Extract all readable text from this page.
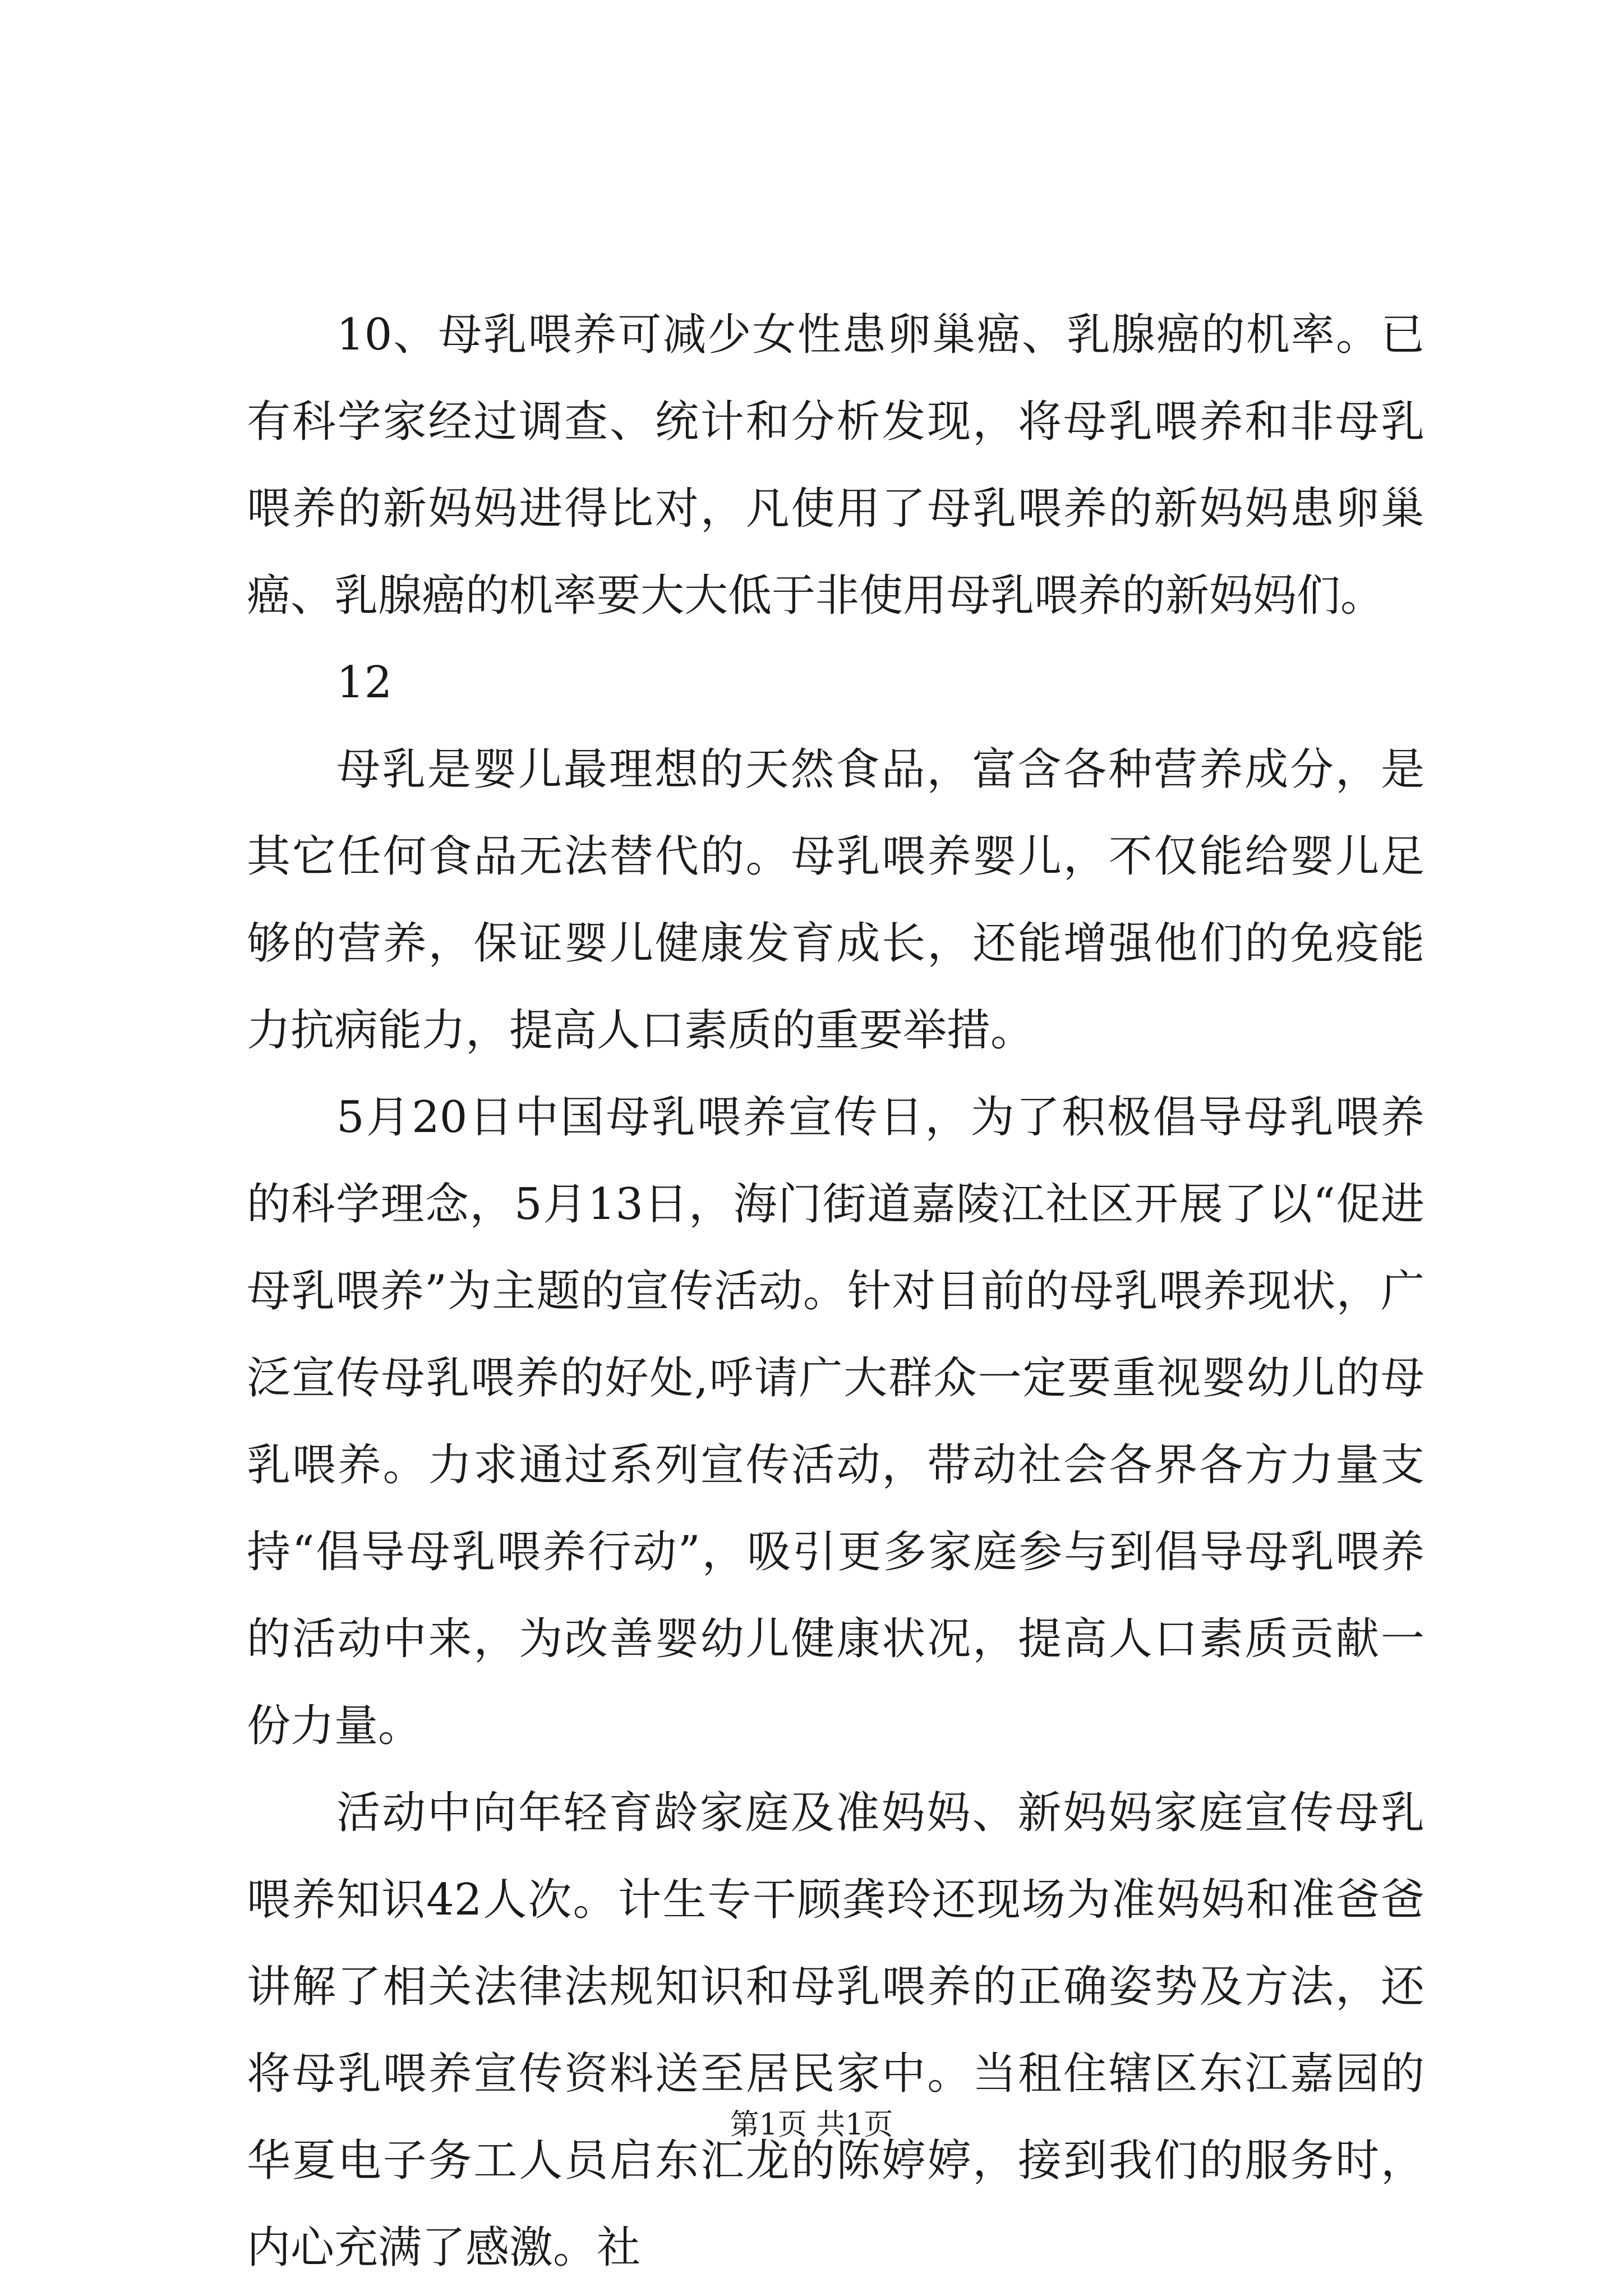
10、母乳喂养可减少女性患卵巢癌、乳腺癌的机率。已有科学家经过调查、统计和分析发现，将母乳喂养和非母乳喂养的新妈妈进得比对，凡使用了母乳喂养的新妈妈患卵巢癌、乳腺癌的机率要大大低于非使用母乳喂养的新妈妈们。

12

母乳是婴儿最理想的天然食品，富含各种营养成分，是其它任何食品无法替代的。母乳喂养婴儿，不仅能给婴儿足够的营养，保证婴儿健康发育成长，还能增强他们的免疫能力抗病能力，提高人口素质的重要举措。

5月20日中国母乳喂养宣传日，为了积极倡导母乳喂养的科学理念，5月13日，海门街道嘉陵江社区开展了以“促进母乳喂养”为主题的宣传活动。针对目前的母乳喂养现状，广泛宣传母乳喂养的好处,呼请广大群众一定要重视婴幼儿的母乳喂养。力求通过系列宣传活动，带动社会各界各方力量支持“倡导母乳喂养行动”，吸引更多家庭参与到倡导母乳喂养的活动中来，为改善婴幼儿健康状况，提高人口素质贡献一份力量。

活动中向年轻育龄家庭及准妈妈、新妈妈家庭宣传母乳喂养知识42人次。计生专干顾龚玲还现场为准妈妈和准爸爸讲解了相关法律法规知识和母乳喂养的正确姿势及方法，还将母乳喂养宣传资料送至居民家中。当租住辖区东江嘉园的华夏电子务工人员启东汇龙的陈婷婷，接到我们的服务时，内心充满了感激。社

第1页 共1页
